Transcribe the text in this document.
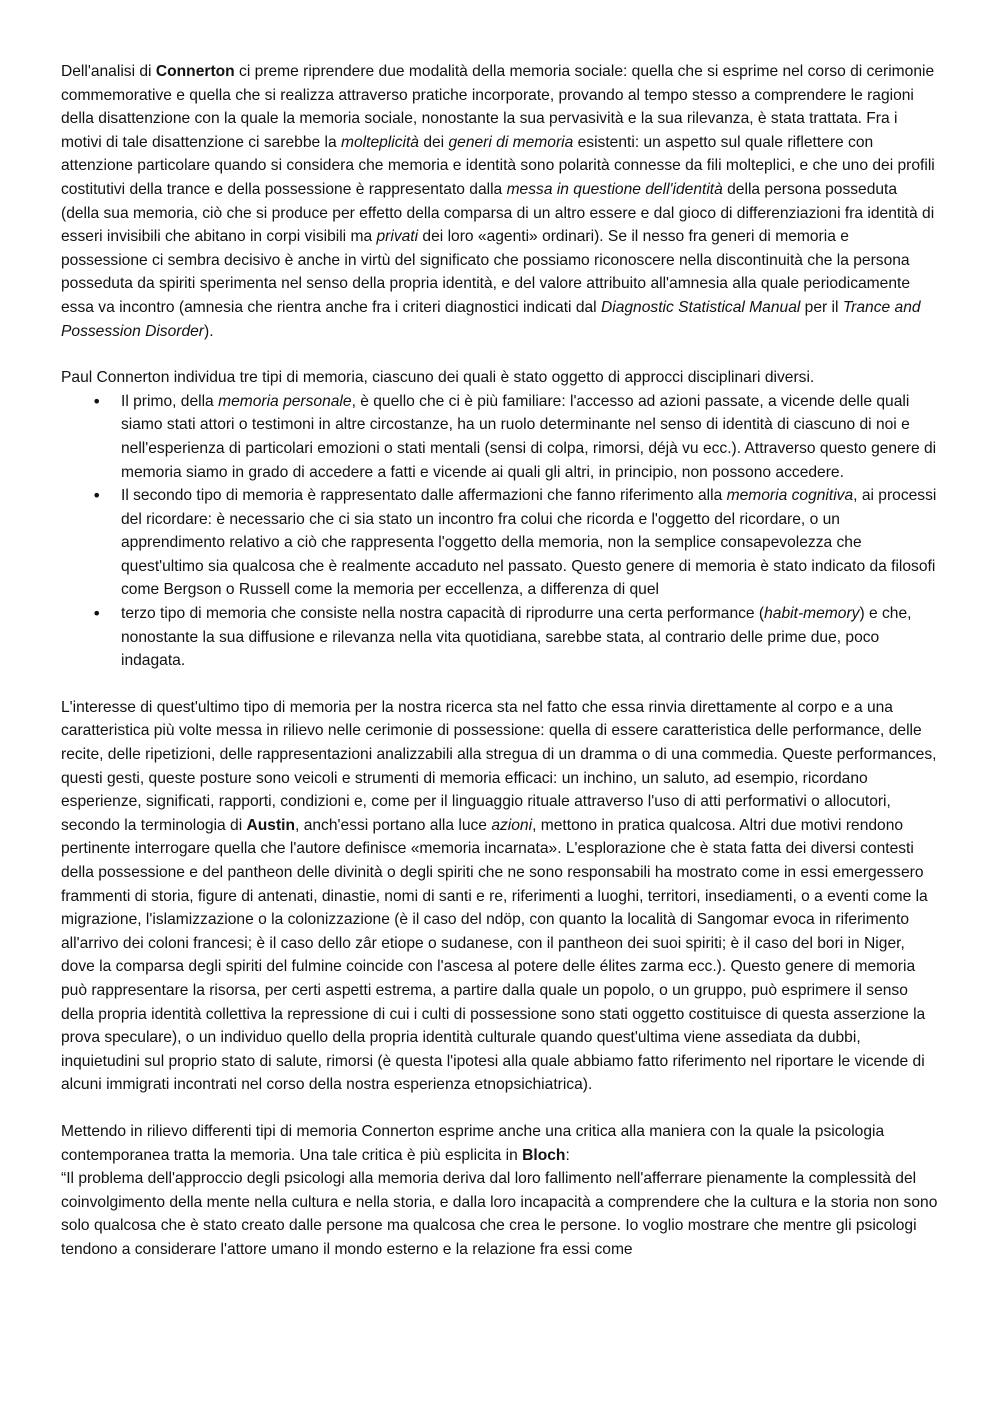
Dell'analisi di Connerton ci preme riprendere due modalità della memoria sociale: quella che si esprime nel corso di cerimonie commemorative e quella che si realizza attraverso pratiche incorporate, provando al tempo stesso a comprendere le ragioni della disattenzione con la quale la memoria sociale, nonostante la sua pervasività e la sua rilevanza, è stata trattata. Fra i motivi di tale disattenzione ci sarebbe la molteplicità dei generi di memoria esistenti: un aspetto sul quale riflettere con attenzione particolare quando si considera che memoria e identità sono polarità connesse da fili molteplici, e che uno dei profili costitutivi della trance e della possessione è rappresentato dalla messa in questione dell'identità della persona posseduta (della sua memoria, ciò che si produce per effetto della comparsa di un altro essere e dal gioco di differenziazioni fra identità di esseri invisibili che abitano in corpi visibili ma privati dei loro «agenti» ordinari). Se il nesso fra generi di memoria e possessione ci sembra decisivo è anche in virtù del significato che possiamo riconoscere nella discontinuità che la persona posseduta da spiriti sperimenta nel senso della propria identità, e del valore attribuito all'amnesia alla quale periodicamente essa va incontro (amnesia che rientra anche fra i criteri diagnostici indicati dal Diagnostic Statistical Manual per il Trance and Possession Disorder).

Paul Connerton individua tre tipi di memoria, ciascuno dei quali è stato oggetto di approcci disciplinari diversi.

• Il primo, della memoria personale, è quello che ci è più familiare: l'accesso ad azioni passate, a vicende delle quali siamo stati attori o testimoni in altre circostanze, ha un ruolo determinante nel senso di identità di ciascuno di noi e nell'esperienza di particolari emozioni o stati mentali (sensi di colpa, rimorsi, déjà vu ecc.). Attraverso questo genere di memoria siamo in grado di accedere a fatti e vicende ai quali gli altri, in principio, non possono accedere.
• Il secondo tipo di memoria è rappresentato dalle affermazioni che fanno riferimento alla memoria cognitiva, ai processi del ricordare: è necessario che ci sia stato un incontro fra colui che ricorda e l'oggetto del ricordare, o un apprendimento relativo a ciò che rappresenta l'oggetto della memoria, non la semplice consapevolezza che quest'ultimo sia qualcosa che è realmente accaduto nel passato. Questo genere di memoria è stato indicato da filosofi come Bergson o Russell come la memoria per eccellenza, a differenza di quel
• terzo tipo di memoria che consiste nella nostra capacità di riprodurre una certa performance (habit-memory) e che, nonostante la sua diffusione e rilevanza nella vita quotidiana, sarebbe stata, al contrario delle prime due, poco indagata.

L'interesse di quest'ultimo tipo di memoria per la nostra ricerca sta nel fatto che essa rinvia direttamente al corpo e a una caratteristica più volte messa in rilievo nelle cerimonie di possessione: quella di essere caratteristica delle performance, delle recite, delle ripetizioni, delle rappresentazioni analizzabili alla stregua di un dramma o di una commedia. Queste performances, questi gesti, queste posture sono veicoli e strumenti di memoria efficaci: un inchino, un saluto, ad esempio, ricordano esperienze, significati, rapporti, condizioni e, come per il linguaggio rituale attraverso l'uso di atti performativi o allocutori, secondo la terminologia di Austin, anch'essi portano alla luce azioni, mettono in pratica qualcosa. Altri due motivi rendono pertinente interrogare quella che l'autore definisce «memoria incarnata». L'esplorazione che è stata fatta dei diversi contesti della possessione e del pantheon delle divinità o degli spiriti che ne sono responsabili ha mostrato come in essi emergessero frammenti di storia, figure di antenati, dinastie, nomi di santi e re, riferimenti a luoghi, territori, insediamenti, o a eventi come la migrazione, l'islamizzazione o la colonizzazione (è il caso del ndöp, con quanto la località di Sangomar evoca in riferimento all'arrivo dei coloni francesi; è il caso dello zâr etiope o sudanese, con il pantheon dei suoi spiriti; è il caso del bori in Niger, dove la comparsa degli spiriti del fulmine coincide con l'ascesa al potere delle élites zarma ecc.). Questo genere di memoria può rappresentare la risorsa, per certi aspetti estrema, a partire dalla quale un popolo, o un gruppo, può esprimere il senso della propria identità collettiva la repressione di cui i culti di possessione sono stati oggetto costituisce di questa asserzione la prova speculare), o un individuo quello della propria identità culturale quando quest'ultima viene assediata da dubbi, inquietudini sul proprio stato di salute, rimorsi (è questa l'ipotesi alla quale abbiamo fatto riferimento nel riportare le vicende di alcuni immigrati incontrati nel corso della nostra esperienza etnopsichiatrica).

Mettendo in rilievo differenti tipi di memoria Connerton esprime anche una critica alla maniera con la quale la psicologia contemporanea tratta la memoria. Una tale critica è più esplicita in Bloch:

“Il problema dell'approccio degli psicologi alla memoria deriva dal loro fallimento nell'afferrare pienamente la complessità del coinvolgimento della mente nella cultura e nella storia, e dalla loro incapacità a comprendere che la cultura e la storia non sono solo qualcosa che è stato creato dalle persone ma qualcosa che crea le persone. Io voglio mostrare che mentre gli psicologi tendono a considerare l'attore umano il mondo esterno e la relazione fra essi come
